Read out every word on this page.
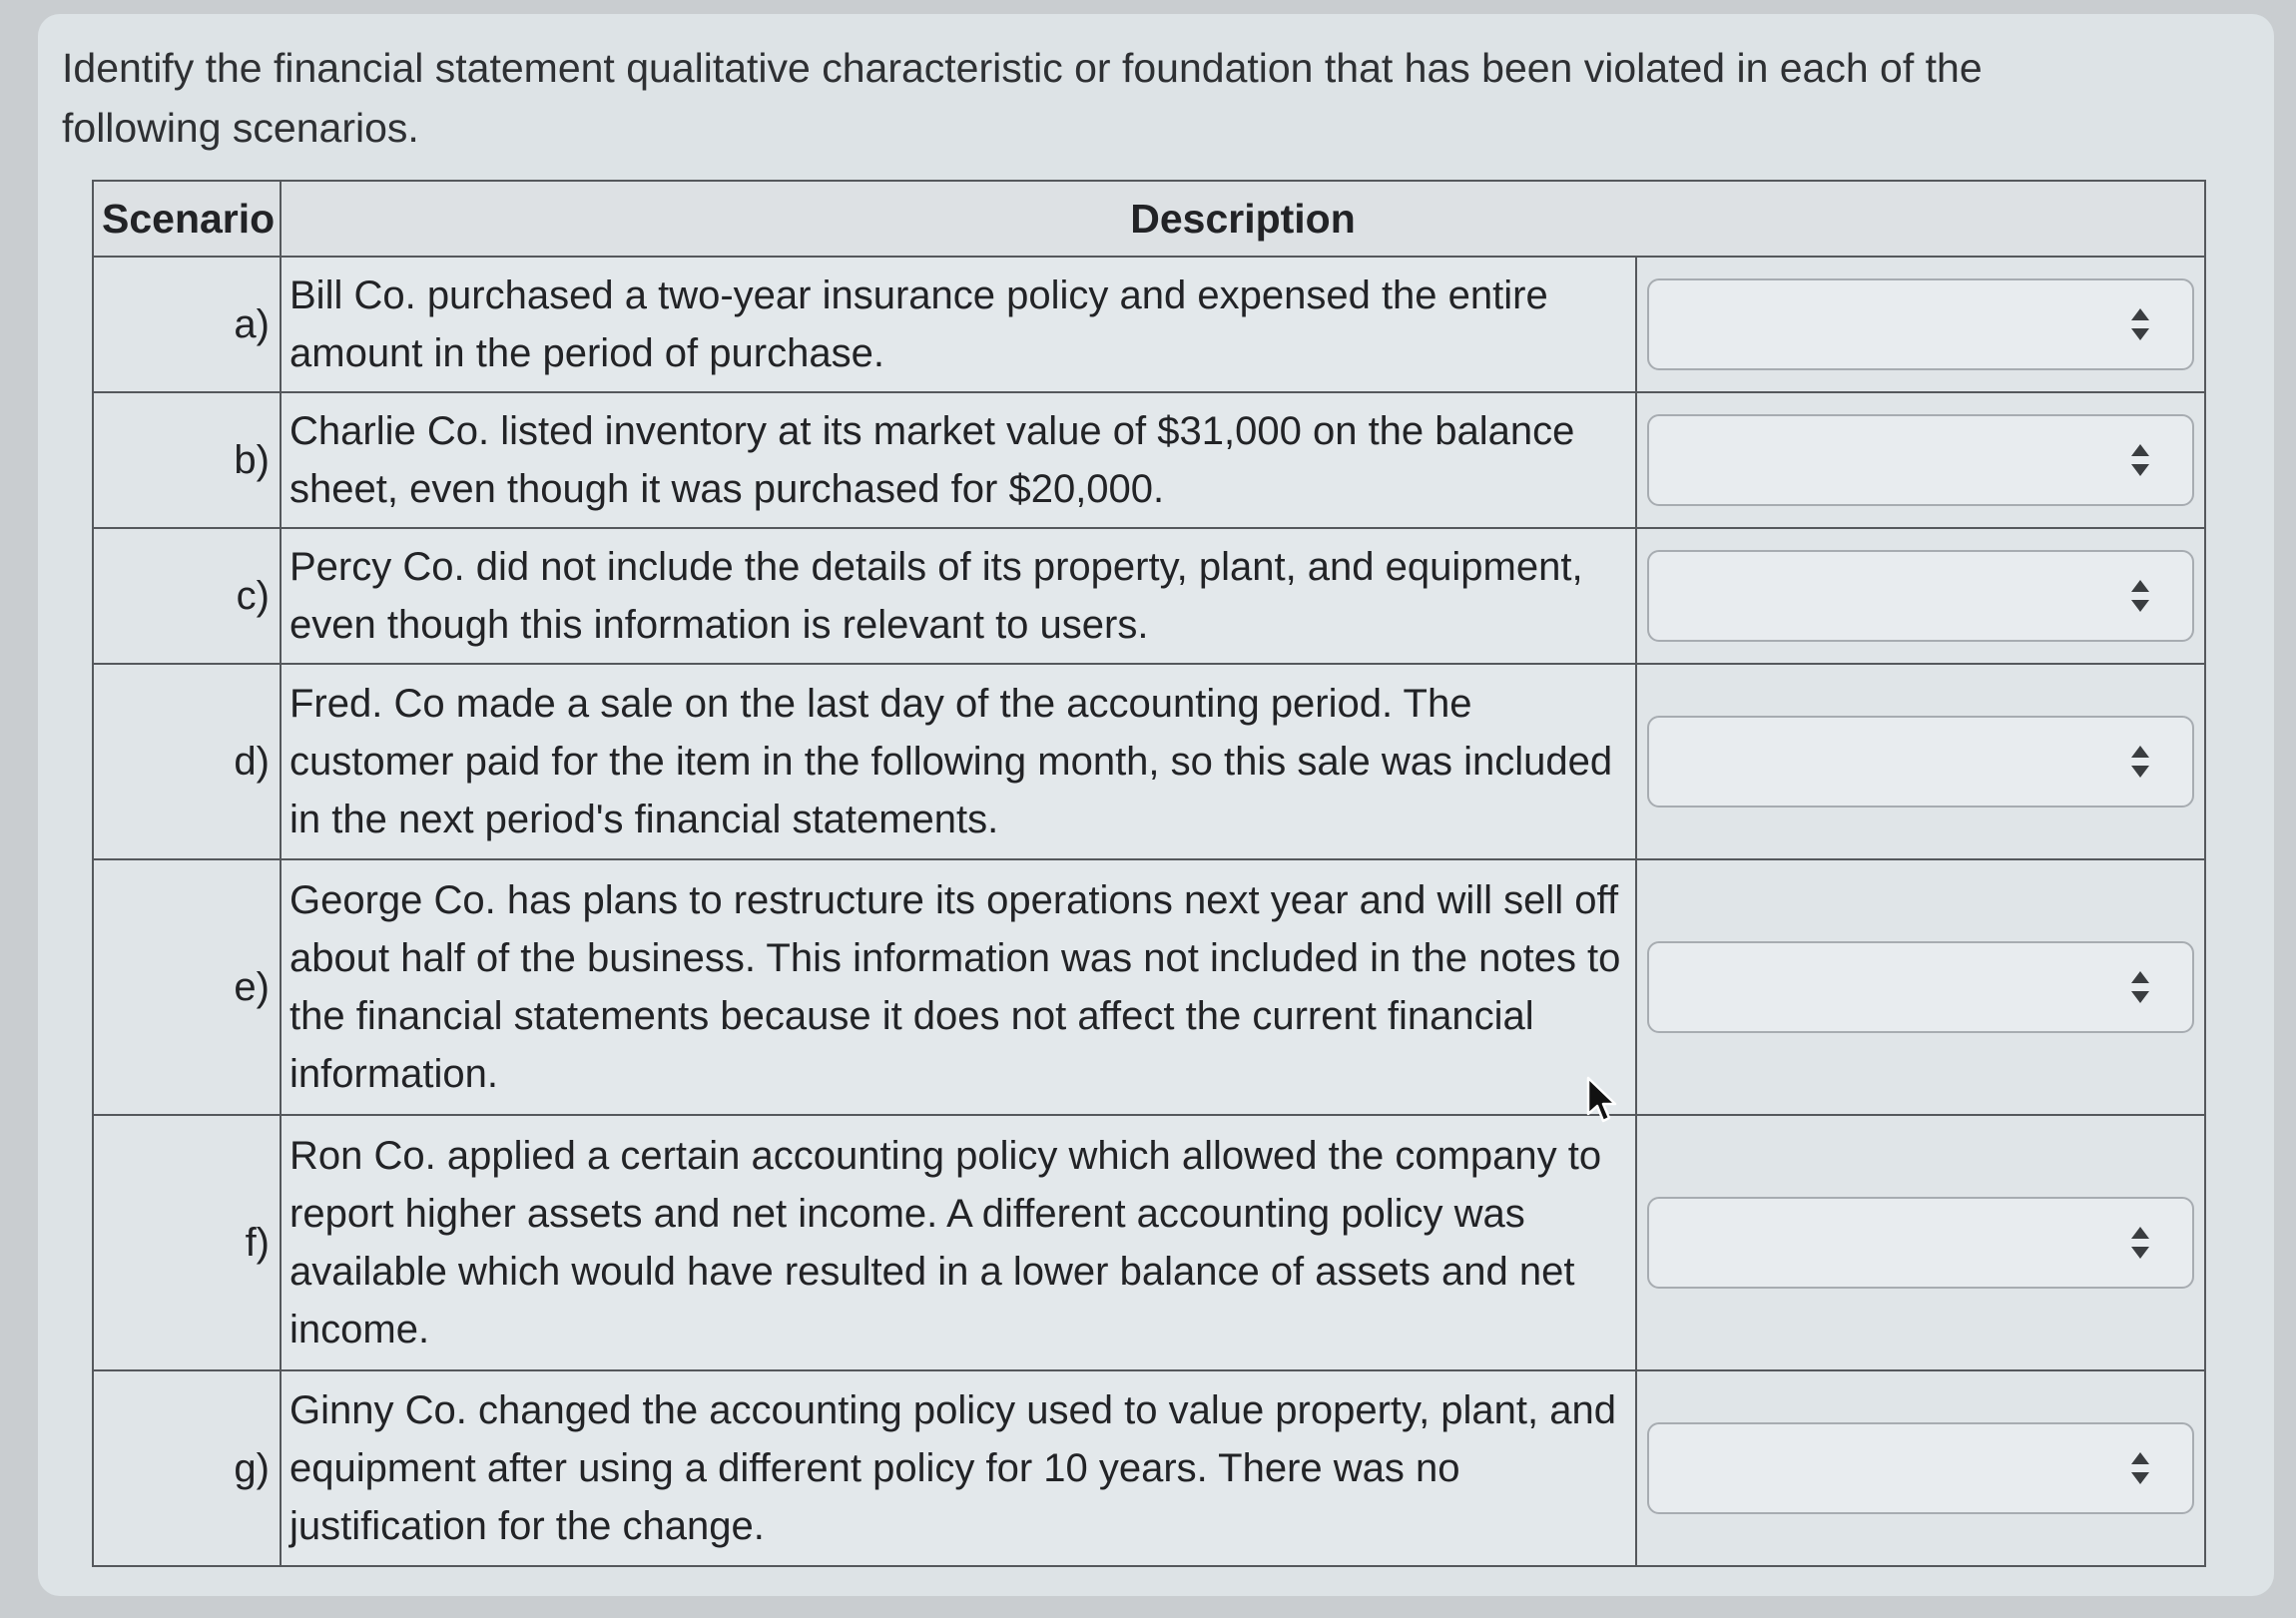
Identify the financial statement qualitative characteristic or foundation that has been violated in each of the following scenarios.

Scenario	Description	
a)	Bill Co. purchased a two-year insurance policy and expensed the entire amount in the period of purchase.	

b)	Charlie Co. listed inventory at its market value of $31,000 on the balance sheet, even though it was purchased for $20,000.	

c)	Percy Co. did not include the details of its property, plant, and equipment, even though this information is relevant to users.	

d)	Fred. Co made a sale on the last day of the accounting period. The customer paid for the item in the following month, so this sale was included in the next period's financial statements.	

e)	George Co. has plans to restructure its operations next year and will sell off about half of the business. This information was not included in the notes to the financial statements because it does not affect the current financial information.	

f)	Ron Co. applied a certain accounting policy which allowed the company to report higher assets and net income. A different accounting policy was available which would have resulted in a lower balance of assets and net income.	

g)	Ginny Co. changed the accounting policy used to value property, plant, and equipment after using a different policy for 10 years. There was no justification for the change.	
